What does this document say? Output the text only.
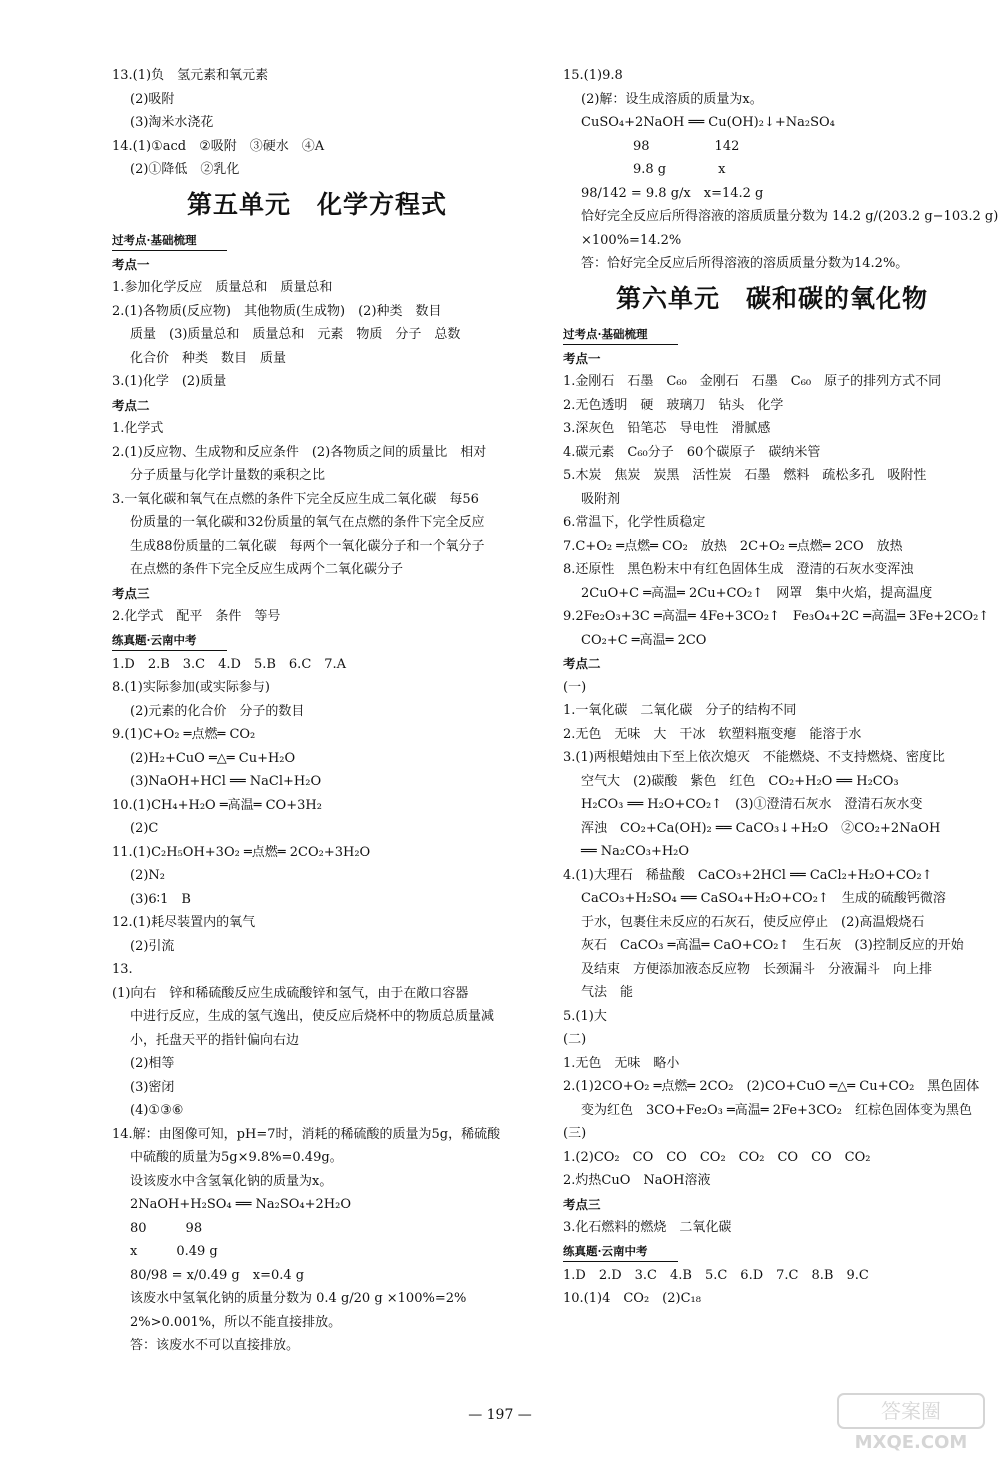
13.(1)负　氢元素和氧元素
(2)吸附
(3)淘米水浇花
14.(1)①acd　②吸附　③硬水　④A
(2)①降低　②乳化
第五单元　化学方程式
过考点·基础梳理
考点一
1.参加化学反应　质量总和　质量总和
2.(1)各物质(反应物)　其他物质(生成物)　(2)种类　数目
质量　(3)质量总和　质量总和　元素　物质　分子　总数
化合价　种类　数目　质量
3.(1)化学　(2)质量
考点二
1.化学式
2.(1)反应物、生成物和反应条件　(2)各物质之间的质量比　相对
分子质量与化学计量数的乘积之比
3.一氧化碳和氧气在点燃的条件下完全反应生成二氧化碳　每56
份质量的一氧化碳和32份质量的氧气在点燃的条件下完全反应
生成88份质量的二氧化碳　每两个一氧化碳分子和一个氧分子
在点燃的条件下完全反应生成两个二氧化碳分子
考点三
2.化学式　配平　条件　等号
练真题·云南中考
1.D　2.B　3.C　4.D　5.B　6.C　7.A
8.(1)实际参加(或实际参与)
(2)元素的化合价　分子的数目
9.(1)C+O₂ ═点燃═ CO₂
(2)H₂+CuO ═△═ Cu+H₂O
(3)NaOH+HCl ══ NaCl+H₂O
10.(1)CH₄+H₂O ═高温═ CO+3H₂
(2)C
11.(1)C₂H₅OH+3O₂ ═点燃═ 2CO₂+3H₂O
(2)N₂
(3)6∶1　B
12.(1)耗尽装置内的氧气
(2)引流
13.
(1)向右　锌和稀硫酸反应生成硫酸锌和氢气，由于在敞口容器
中进行反应，生成的氢气逸出，使反应后烧杯中的物质总质量减
小，托盘天平的指针偏向右边
(2)相等
(3)密闭
(4)①③⑥
14.解：由图像可知，pH=7时，消耗的稀硫酸的质量为5g，稀硫酸
中硫酸的质量为5g×9.8%=0.49g。
设该废水中含氢氧化钠的质量为x。
2NaOH+H₂SO₄ ══ Na₂SO₄+2H₂O
80　　　98
x　　　0.49 g
80/98 = x/0.49 g　x=0.4 g
该废水中氢氧化钠的质量分数为 0.4 g/20 g ×100%=2%
2%>0.001%，所以不能直接排放。
答：该废水不可以直接排放。
15.(1)9.8
(2)解：设生成溶质的质量为x。
CuSO₄+2NaOH ══ Cu(OH)₂↓+Na₂SO₄
　　　　98　　　　　142
　　　　9.8 g　　　　x
98/142 = 9.8 g/x　x=14.2 g
恰好完全反应后所得溶液的溶质质量分数为 14.2 g/(203.2 g−103.2 g)
×100%=14.2%
答：恰好完全反应后所得溶液的溶质质量分数为14.2%。
第六单元　碳和碳的氧化物
过考点·基础梳理
考点一
1.金刚石　石墨　C₆₀　金刚石　石墨　C₆₀　原子的排列方式不同
2.无色透明　硬　玻璃刀　钻头　化学
3.深灰色　铅笔芯　导电性　滑腻感
4.碳元素　C₆₀分子　60个碳原子　碳纳米管
5.木炭　焦炭　炭黑　活性炭　石墨　燃料　疏松多孔　吸附性
吸附剂
6.常温下，化学性质稳定
7.C+O₂ ═点燃═ CO₂　放热　2C+O₂ ═点燃═ 2CO　放热
8.还原性　黑色粉末中有红色固体生成　澄清的石灰水变浑浊
2CuO+C ═高温═ 2Cu+CO₂↑　网罩　集中火焰，提高温度
9.2Fe₂O₃+3C ═高温═ 4Fe+3CO₂↑　Fe₃O₄+2C ═高温═ 3Fe+2CO₂↑
CO₂+C ═高温═ 2CO
考点二
(一)
1.一氧化碳　二氧化碳　分子的结构不同
2.无色　无味　大　干冰　软塑料瓶变瘪　能溶于水
3.(1)两根蜡烛由下至上依次熄灭　不能燃烧、不支持燃烧、密度比
空气大　(2)碳酸　紫色　红色　CO₂+H₂O ══ H₂CO₃
H₂CO₃ ══ H₂O+CO₂↑　(3)①澄清石灰水　澄清石灰水变
浑浊　CO₂+Ca(OH)₂ ══ CaCO₃↓+H₂O　②CO₂+2NaOH
══ Na₂CO₃+H₂O
4.(1)大理石　稀盐酸　CaCO₃+2HCl ══ CaCl₂+H₂O+CO₂↑
CaCO₃+H₂SO₄ ══ CaSO₄+H₂O+CO₂↑　生成的硫酸钙微溶
于水，包裹住未反应的石灰石，使反应停止　(2)高温煅烧石
灰石　CaCO₃ ═高温═ CaO+CO₂↑　生石灰　(3)控制反应的开始
及结束　方便添加液态反应物　长颈漏斗　分液漏斗　向上排
气法　能
5.(1)大
(二)
1.无色　无味　略小
2.(1)2CO+O₂ ═点燃═ 2CO₂　(2)CO+CuO ═△═ Cu+CO₂　黑色固体
变为红色　3CO+Fe₂O₃ ═高温═ 2Fe+3CO₂　红棕色固体变为黑色
(三)
1.(2)CO₂　CO　CO　CO₂　CO₂　CO　CO　CO₂
2.灼热CuO　NaOH溶液
考点三
3.化石燃料的燃烧　二氧化碳
练真题·云南中考
1.D　2.D　3.C　4.B　5.C　6.D　7.C　8.B　9.C
10.(1)4　CO₂　(2)C₁₈
— 197 —	答案圈
MXQE.COM
